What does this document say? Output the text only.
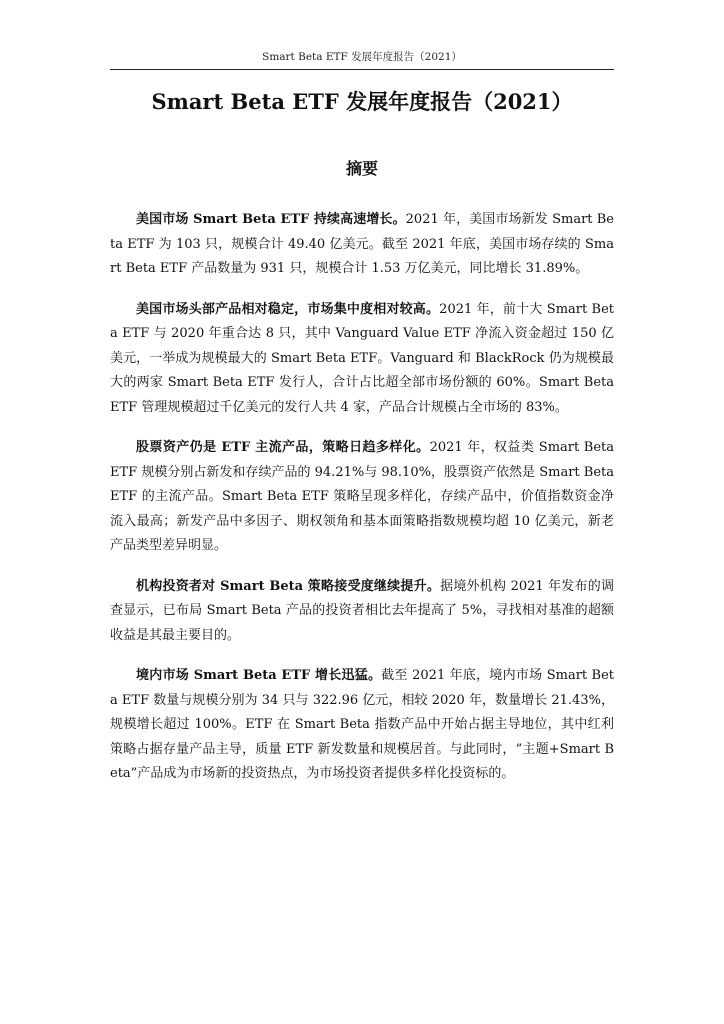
Smart Beta ETF 发展年度报告（2021）
Smart Beta ETF 发展年度报告（2021）
摘要

美国市场 Smart Beta ETF 持续高速增长。2021 年，美国市场新发 Smart Beta ETF 为 103 只，规模合计 49.40 亿美元。截至 2021 年底，美国市场存续的 Smart Beta ETF 产品数量为 931 只，规模合计 1.53 万亿美元，同比增长 31.89%。

美国市场头部产品相对稳定，市场集中度相对较高。2021 年，前十大 Smart Beta ETF 与 2020 年重合达 8 只，其中 Vanguard Value ETF 净流入资金超过 150 亿美元，一举成为规模最大的 Smart Beta ETF。Vanguard 和 BlackRock 仍为规模最大的两家 Smart Beta ETF 发行人，合计占比超全部市场份额的 60%。Smart Beta ETF 管理规模超过千亿美元的发行人共 4 家，产品合计规模占全市场的 83%。

股票资产仍是 ETF 主流产品，策略日趋多样化。2021 年，权益类 Smart Beta ETF 规模分别占新发和存续产品的 94.21%与 98.10%，股票资产依然是 Smart Beta ETF 的主流产品。Smart Beta ETF 策略呈现多样化，存续产品中，价值指数资金净流入最高；新发产品中多因子、期权领角和基本面策略指数规模均超 10 亿美元，新老产品类型差异明显。

机构投资者对 Smart Beta 策略接受度继续提升。据境外机构 2021 年发布的调查显示，已布局 Smart Beta 产品的投资者相比去年提高了 5%，寻找相对基准的超额收益是其最主要目的。

境内市场 Smart Beta ETF 增长迅猛。截至 2021 年底，境内市场 Smart Beta ETF 数量与规模分别为 34 只与 322.96 亿元，相较 2020 年，数量增长 21.43%，规模增长超过 100%。ETF 在 Smart Beta 指数产品中开始占据主导地位，其中红利策略占据存量产品主导，质量 ETF 新发数量和规模居首。与此同时，“主题+Smart Beta”产品成为市场新的投资热点，为市场投资者提供多样化投资标的。
